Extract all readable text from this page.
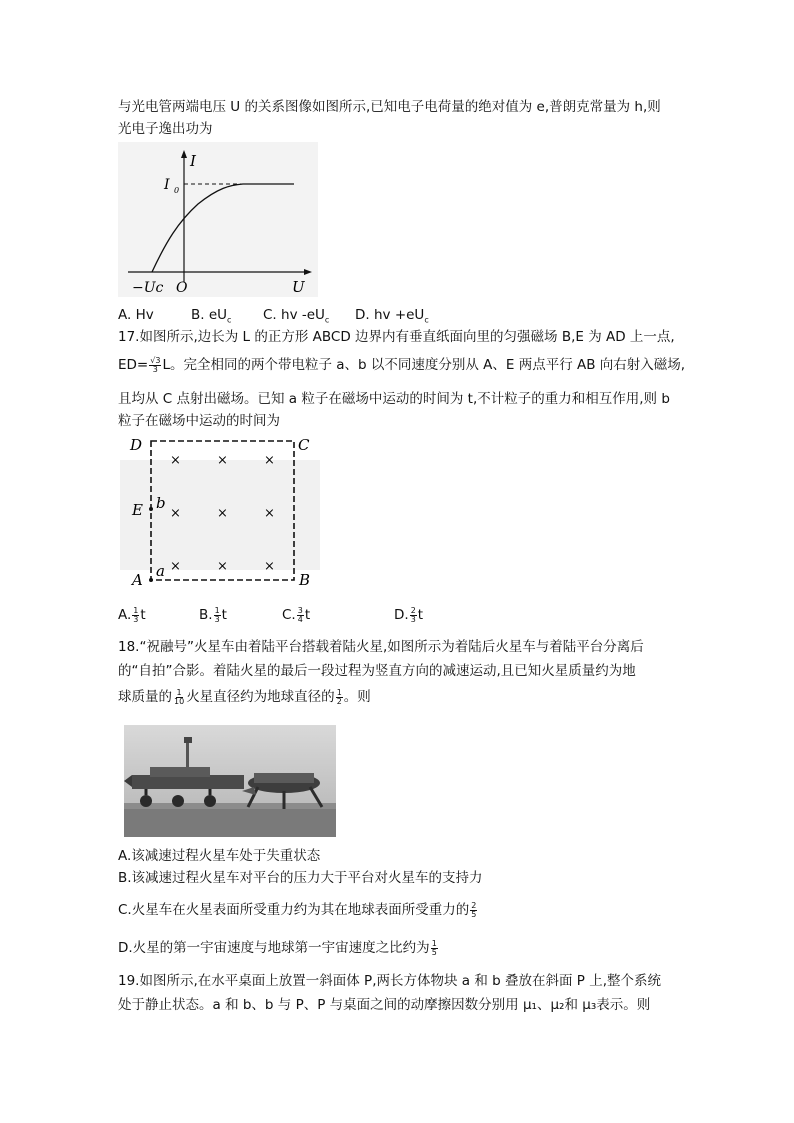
与光电管两端电压 U 的关系图像如图所示,已知电子电荷量的绝对值为 e,普朗克常量为 h,则
光电子逸出功为
I
I 0
−Uc O	U
A. Hv	B. $eU_c$ C. hv $-eU_c$ D. hv $+eU_c$
17.如图所示,边长为 L 的正方形 ABCD 边界内有垂直纸面向里的匀强磁场 B,E 为 AD 上一点,
$ED= \frac{√3}{3}$ L。完全相同的两个带电粒子 a、b 以不同速度分别从 A、E 两点平行 AB 向右射入磁场,
且均从 C 点射出磁场。已知 a 粒子在磁场中运动的时间为 t,不计粒子的重力和相互作用,则 b
粒子在磁场中运动的时间为
D	C
E b
A a	B
×	×	×
×	×	×
×	×	×
A. $\frac{1}{3}$ t	B. $\frac{1}{3}$ t	C. $\frac{3}{4}$ t	D. $\frac{2}{3}$ t
18.“祝融号”火星车由着陆平台搭载着陆火星,如图所示为着陆后火星车与着陆平台分离后
的“自拍”合影。着陆火星的最后一段过程为竖直方向的减速运动,且已知火星质量约为地
球质量的 $\frac{1}{10}$ 火星直径约为地球直径的 $\frac{1}{2}$ 。则
A.该减速过程火星车处于失重状态
B.该减速过程火星车对平台的压力大于平台对火星车的支持力
C.火星车在火星表面所受重力约为其在地球表面所受重力的 $\frac{2}{5}$
D.火星的第一宇宙速度与地球第一宇宙速度之比约为 $\frac{1}{5}$
19.如图所示,在水平桌面上放置一斜面体 P,两长方体物块 a 和 b 叠放在斜面 P 上,整个系统
处于静止状态。a 和 b、b 与 P、P 与桌面之间的动摩擦因数分别用 μ₁、μ₂和 μ₃表示。则
